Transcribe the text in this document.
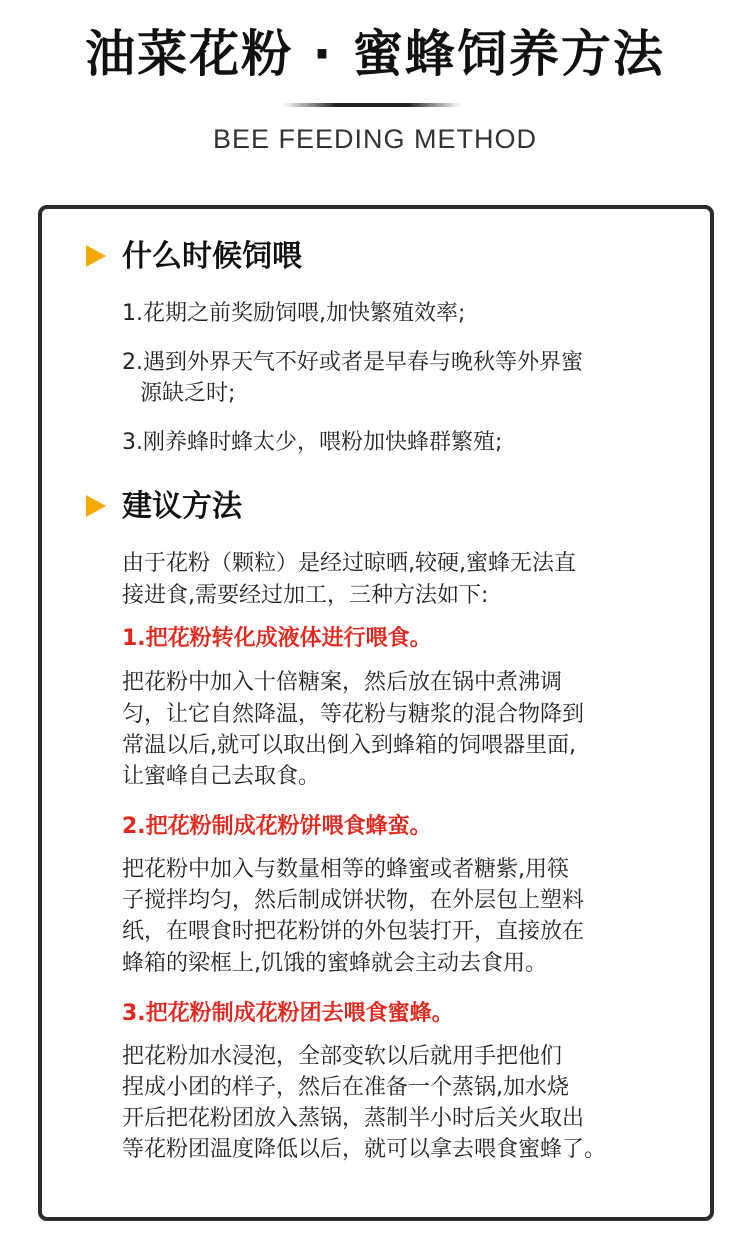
油菜花粉 · 蜜蜂饲养方法
BEE FEEDING METHOD
什么时候饲喂
1.花期之前奖励饲喂,加快繁殖效率;
2.遇到外界天气不好或者是早春与晚秋等外界蜜
源缺乏时;
3.刚养蜂时蜂太少，喂粉加快蜂群繁殖;
建议方法
由于花粉（颗粒）是经过晾晒,较硬,蜜蜂无法直
接进食,需要经过加工，三种方法如下:
1.把花粉转化成液体进行喂食。
把花粉中加入十倍糖案，然后放在锅中煮沸调
匀，让它自然降温，等花粉与糖浆的混合物降到
常温以后,就可以取出倒入到蜂箱的饲喂器里面,
让蜜峰自己去取食。
2.把花粉制成花粉饼喂食蜂蛮。
把花粉中加入与数量相等的蜂蜜或者糖紫,用筷
子搅拌均匀，然后制成饼状物，在外层包上塑料
纸，在喂食时把花粉饼的外包装打开，直接放在
蜂箱的梁框上,饥饿的蜜蜂就会主动去食用。
3.把花粉制成花粉团去喂食蜜蜂。
把花粉加水浸泡，全部变软以后就用手把他们
捏成小团的样子，然后在准备一个蒸锅,加水烧
开后把花粉团放入蒸锅，蒸制半小时后关火取出
等花粉团温度降低以后，就可以拿去喂食蜜蜂了。
